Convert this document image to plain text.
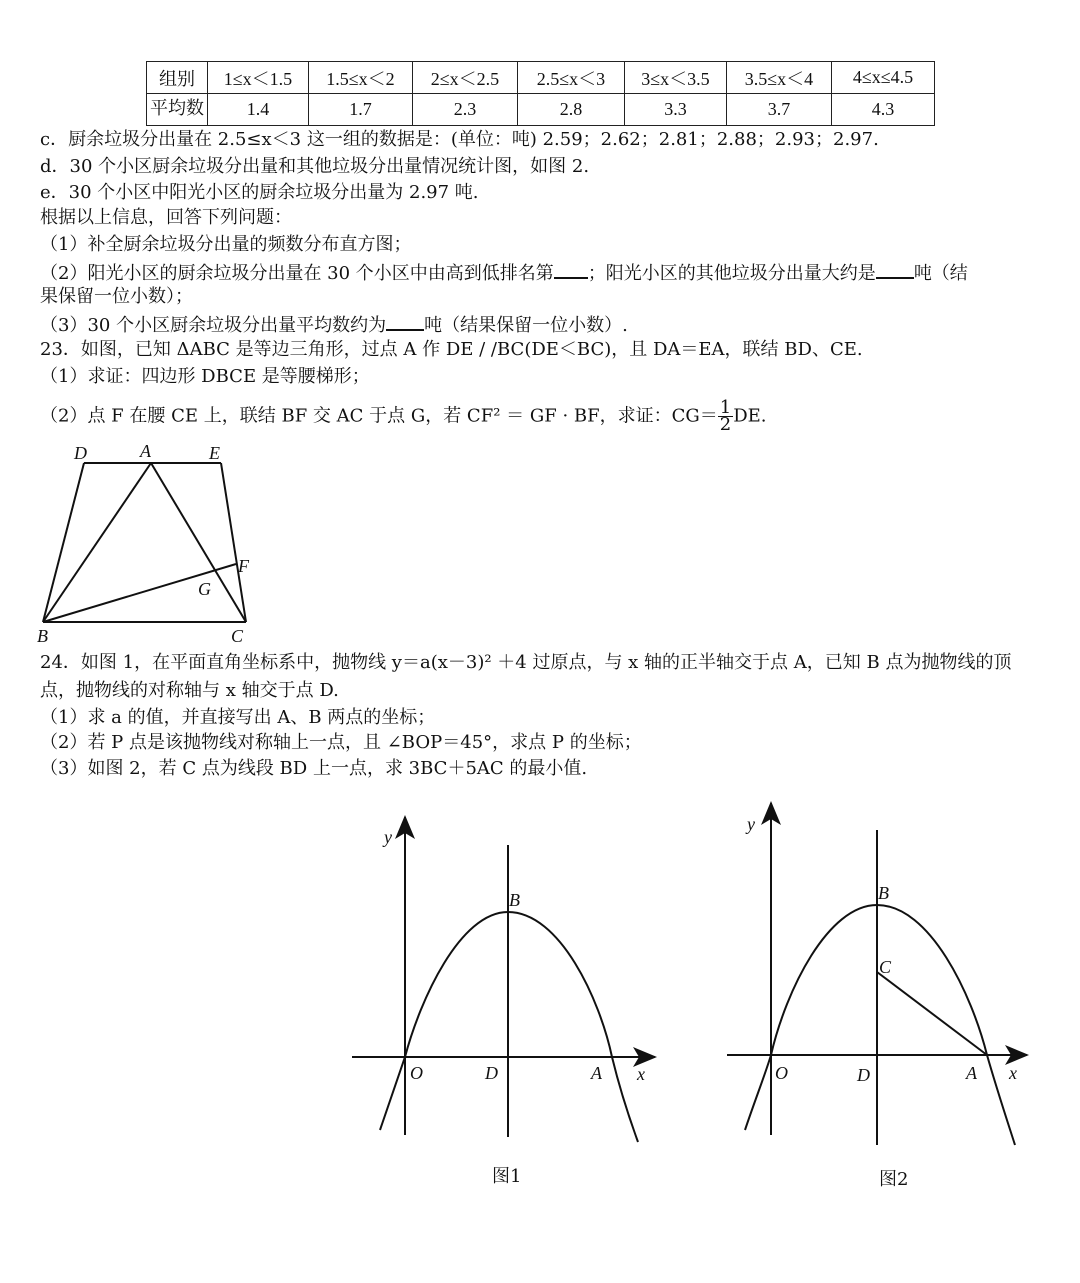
组别	1≤x＜1.5	1.5≤x＜2	2≤x＜2.5	2.5≤x＜3	3≤x＜3.5	3.5≤x＜4	4≤x≤4.5
平均数	1.4	1.7	2.3	2.8	3.3	3.7	4.3
c．厨余垃圾分出量在 2.5≤x＜3 这一组的数据是：(单位：吨) 2.59；2.62；2.81；2.88；2.93；2.97.
d．30 个小区厨余垃圾分出量和其他垃圾分出量情况统计图，如图 2.
e．30 个小区中阳光小区的厨余垃圾分出量为 2.97 吨.
根据以上信息，回答下列问题：
（1）补全厨余垃圾分出量的频数分布直方图；
（2）阳光小区的厨余垃圾分出量在 30 个小区中由高到低排名第 ；阳光小区的其他垃圾分出量大约是 吨（结
果保留一位小数）；
（3）30 个小区厨余垃圾分出量平均数约为 吨（结果保留一位小数）.
23．如图，已知 ΔABC 是等边三角形，过点 A 作 DE / /BC(DE＜BC)，且 DA＝EA，联结 BD、CE.
（1）求证：四边形 DBCE 是等腰梯形；
（2）点 F 在腰 CE 上，联结 BF 交 AC 于点 G，若 CF² ＝ GF · BF，求证：$CG= \frac{1}{2}$ DE.
D	A	E
F
G
B	C
24．如图 1，在平面直角坐标系中，抛物线 y＝a(x－3)² ＋4 过原点，与 x 轴的正半轴交于点 A，已知 B 点为抛物线的顶
点，抛物线的对称轴与 x 轴交于点 D.
（1）求 a 的值，并直接写出 A、B 两点的坐标；
（2）若 P 点是该抛物线对称轴上一点，且 ∠BOP＝45°，求点 P 的坐标；
（3）如图 2，若 C 点为线段 BD 上一点，求 3BC＋5AC 的最小值.
y
x
O	D	A
B
图1
y
x
O	D	A
B
C
图2
